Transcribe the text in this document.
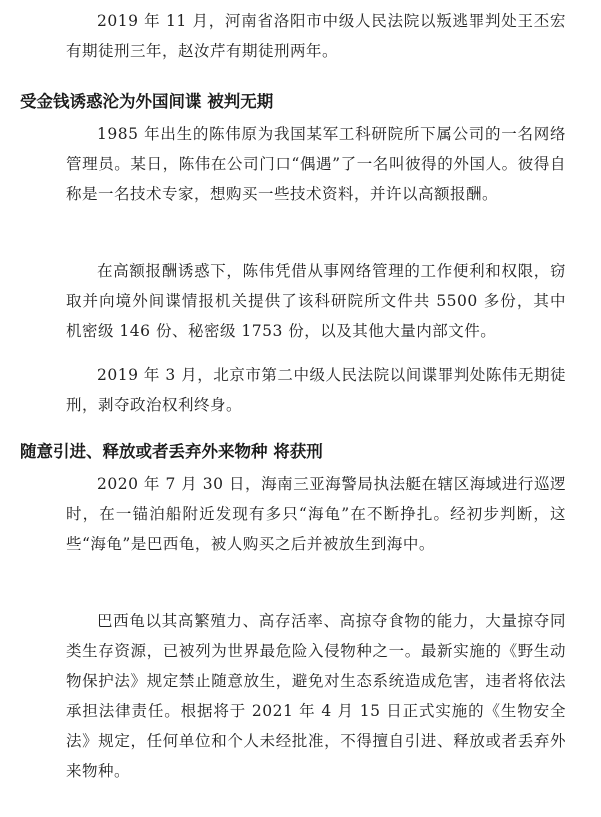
2019 年 11 月，河南省洛阳市中级人民法院以叛逃罪判处王丕宏有期徒刑三年，赵汝芹有期徒刑两年。

受金钱诱惑沦为外国间谍 被判无期

1985 年出生的陈伟原为我国某军工科研院所下属公司的一名网络管理员。某日，陈伟在公司门口“偶遇”了一名叫彼得的外国人。彼得自称是一名技术专家，想购买一些技术资料，并许以高额报酬。

在高额报酬诱惑下，陈伟凭借从事网络管理的工作便利和权限，窃取并向境外间谍情报机关提供了该科研院所文件共 5500 多份，其中机密级 146 份、秘密级 1753 份，以及其他大量内部文件。

2019 年 3 月，北京市第二中级人民法院以间谍罪判处陈伟无期徒刑，剥夺政治权利终身。

随意引进、释放或者丢弃外来物种 将获刑

2020 年 7 月 30 日，海南三亚海警局执法艇在辖区海域进行巡逻时，在一锚泊船附近发现有多只“海龟”在不断挣扎。经初步判断，这些“海龟”是巴西龟，被人购买之后并被放生到海中。

巴西龟以其高繁殖力、高存活率、高掠夺食物的能力，大量掠夺同类生存资源，已被列为世界最危险入侵物种之一。最新实施的《野生动物保护法》规定禁止随意放生，避免对生态系统造成危害，违者将依法承担法律责任。根据将于 2021 年 4 月 15 日正式实施的《生物安全法》规定，任何单位和个人未经批准，不得擅自引进、释放或者丢弃外来物种。
